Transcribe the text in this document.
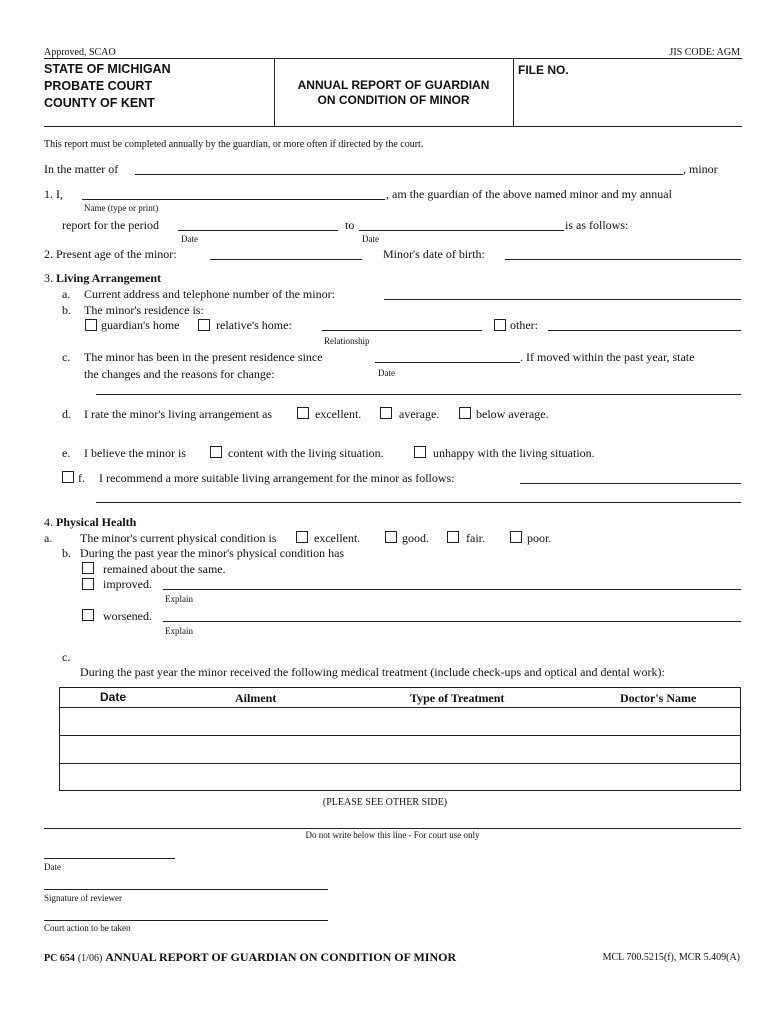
Approved, SCAO	JIS CODE: AGM
STATE OF MICHIGAN
PROBATE COURT
COUNTY OF KENT
ANNUAL REPORT OF GUARDIAN
ON CONDITION OF MINOR
FILE NO.
This report must be completed annually by the guardian, or more often if directed by the court.
In the matter of	, minor
1. I,	, am the guardian of the above named minor and my annual
Name (type or print)
report for the period	to	is as follows:
Date	Date
2. Present age of the minor:	Minor's date of birth:
3. Living Arrangement
a. Current address and telephone number of the minor:
b. The minor's residence is:
guardian's home	relative's home:
Relationship
other:
c. The minor has been in the present residence since	. If moved within the past year, state
the changes and the reasons for change:	Date
d. I rate the minor's living arrangement as	excellent.	average.	below average.
e. I believe the minor is	content with the living situation.	unhappy with the living situation.
f. I recommend a more suitable living arrangement for the minor as follows:
4. Physical Health
a. The minor's current physical condition is	excellent.	good.	fair.	poor.
b. During the past year the minor's physical condition has
remained about the same.
improved.
Explain
worsened.
Explain
c.
During the past year the minor received the following medical treatment (include check-ups and optical and dental work):
Date	Ailment	Type of Treatment	Doctor's Name
(PLEASE SEE OTHER SIDE)
Do not write below this line - For court use only
Date
Signature of reviewer
Court action to be taken
PC 654 (1/06) ANNUAL REPORT OF GUARDIAN ON CONDITION OF MINOR	MCL 700.5215(f), MCR 5.409(A)
